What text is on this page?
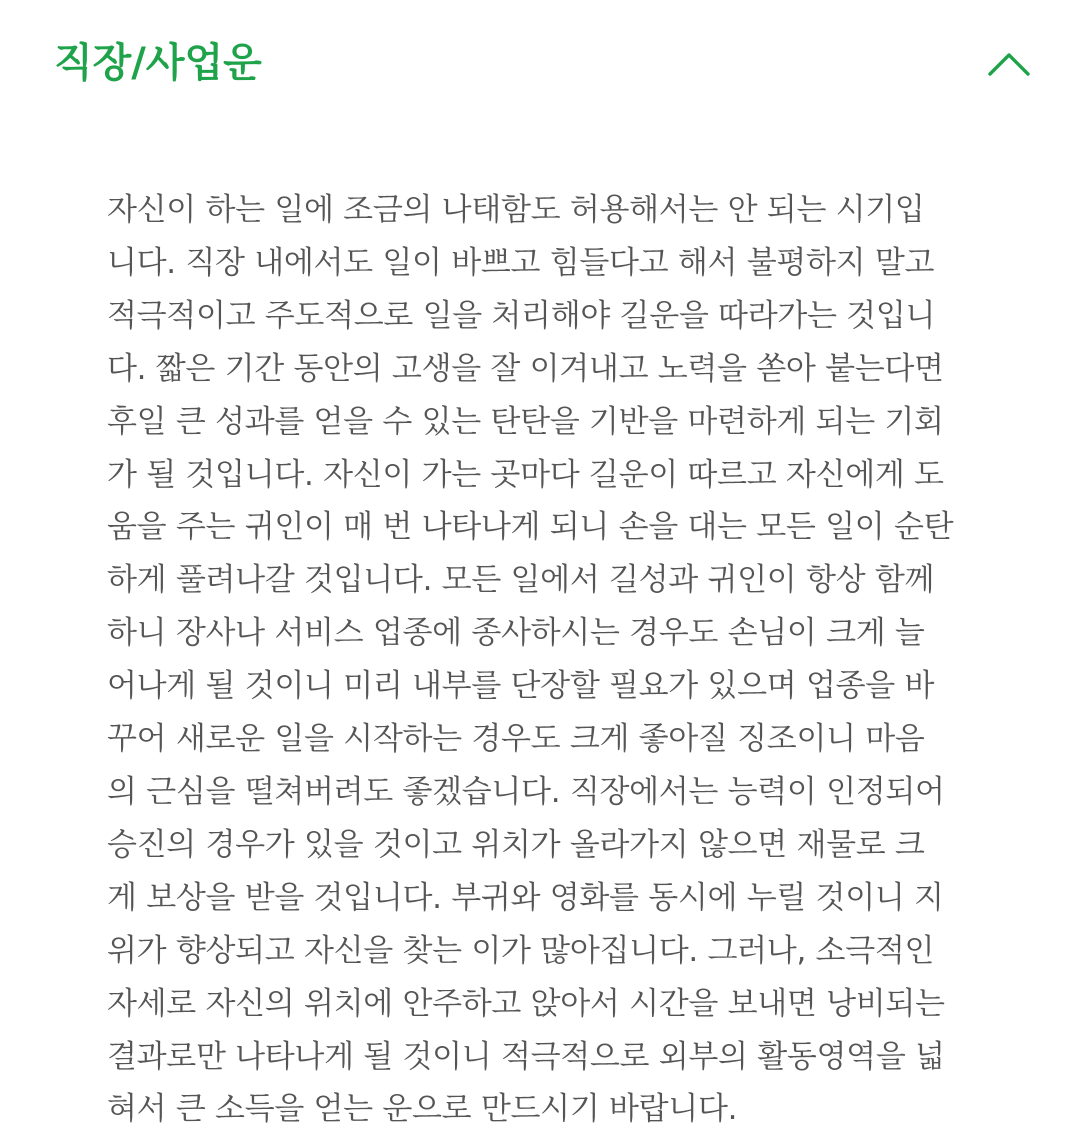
직장/사업운

자신이 하는 일에 조금의 나태함도 허용해서는 안 되는 시기입
니다. 직장 내에서도 일이 바쁘고 힘들다고 해서 불평하지 말고
적극적이고 주도적으로 일을 처리해야 길운을 따라가는 것입니
다. 짧은 기간 동안의 고생을 잘 이겨내고 노력을 쏟아 붙는다면
후일 큰 성과를 얻을 수 있는 탄탄을 기반을 마련하게 되는 기회
가 될 것입니다. 자신이 가는 곳마다 길운이 따르고 자신에게 도
움을 주는 귀인이 매 번 나타나게 되니 손을 대는 모든 일이 순탄
하게 풀려나갈 것입니다. 모든 일에서 길성과 귀인이 항상 함께
하니 장사나 서비스 업종에 종사하시는 경우도 손님이 크게 늘
어나게 될 것이니 미리 내부를 단장할 필요가 있으며 업종을 바
꾸어 새로운 일을 시작하는 경우도 크게 좋아질 징조이니 마음
의 근심을 떨쳐버려도 좋겠습니다. 직장에서는 능력이 인정되어
승진의 경우가 있을 것이고 위치가 올라가지 않으면 재물로 크
게 보상을 받을 것입니다. 부귀와 영화를 동시에 누릴 것이니 지
위가 향상되고 자신을 찾는 이가 많아집니다. 그러나, 소극적인
자세로 자신의 위치에 안주하고 앉아서 시간을 보내면 낭비되는
결과로만 나타나게 될 것이니 적극적으로 외부의 활동영역을 넓
혀서 큰 소득을 얻는 운으로 만드시기 바랍니다.
